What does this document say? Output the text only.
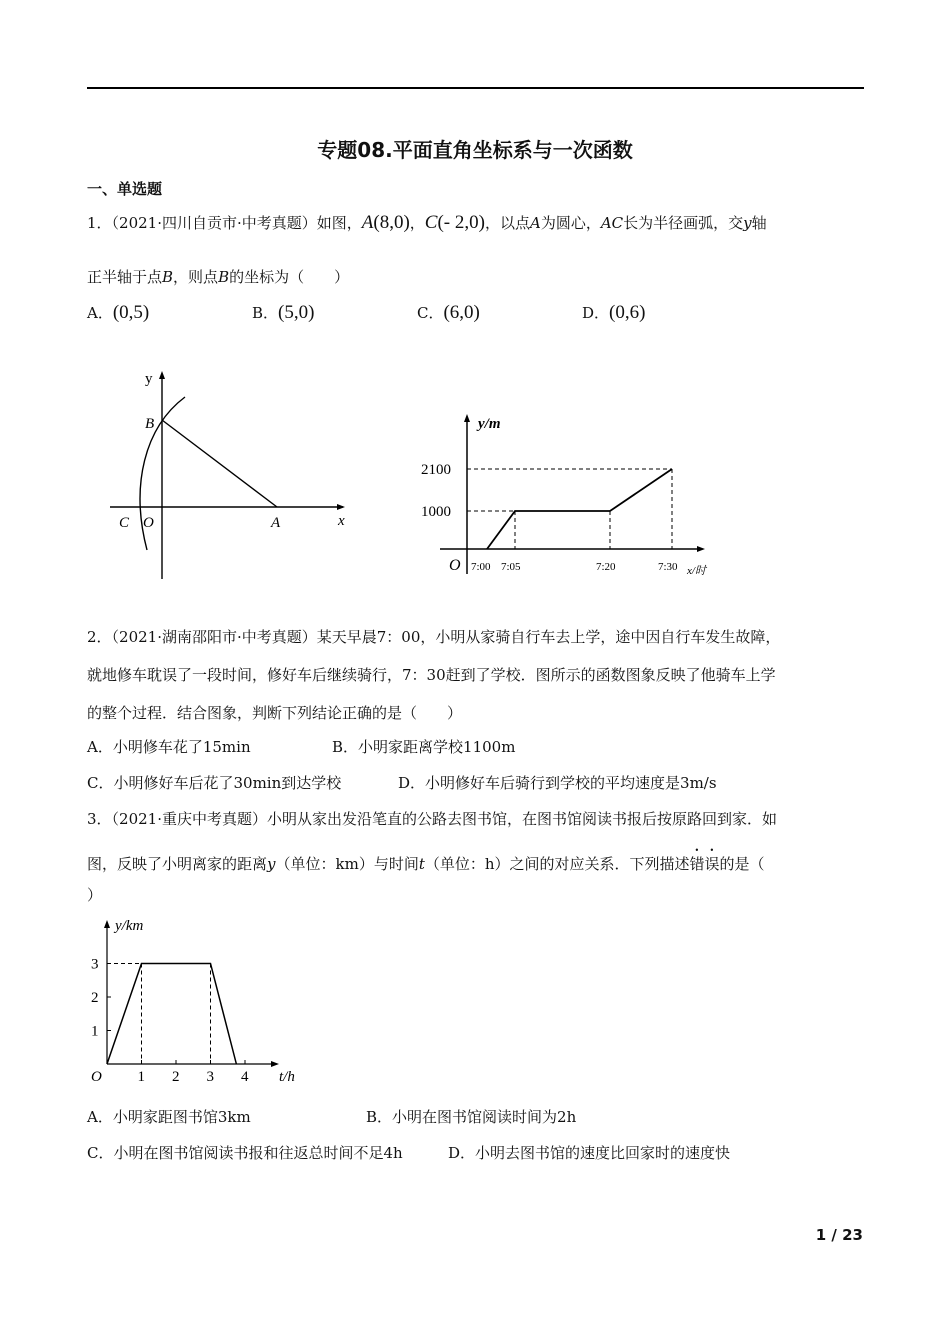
专题08.平面直角坐标系与一次函数
一、单选题
1．（2021·四川自贡市·中考真题）如图，A(8,0)，C(- 2,0)，以点A为圆心，AC长为半径画弧，交y轴
正半轴于点B，则点B的坐标为（　　）
A．(0,5)	B．(5,0)	C．(6,0)	D．(0,6)
y
B
C O	A	x
y/m
2100
1000
O 7:00 7:05	7:20	7:30 x/时
2．（2021·湖南邵阳市·中考真题）某天早晨7：00，小明从家骑自行车去上学，途中因自行车发生故障，
就地修车耽误了一段时间，修好车后继续骑行，7：30赶到了学校．图所示的函数图象反映了他骑车上学
的整个过程．结合图象，判断下列结论正确的是（　　）
A．小明修车花了15min	B．小明家距离学校1100m
C．小明修好车后花了30min到达学校	D．小明修好车后骑行到学校的平均速度是3m/s
3．（2021·重庆中考真题）小明从家出发沿笔直的公路去图书馆，在图书馆阅读书报后按原路回到家．如
图，反映了小明离家的距离y（单位：km）与时间t（单位：h）之间的对应关系．下列描述错误的是（
）
y/km
3
2
1
O 1 2 3 4 t/h
A．小明家距图书馆3km	B．小明在图书馆阅读时间为2h
C．小明在图书馆阅读书报和往返总时间不足4h	D．小明去图书馆的速度比回家时的速度快
1 / 23
